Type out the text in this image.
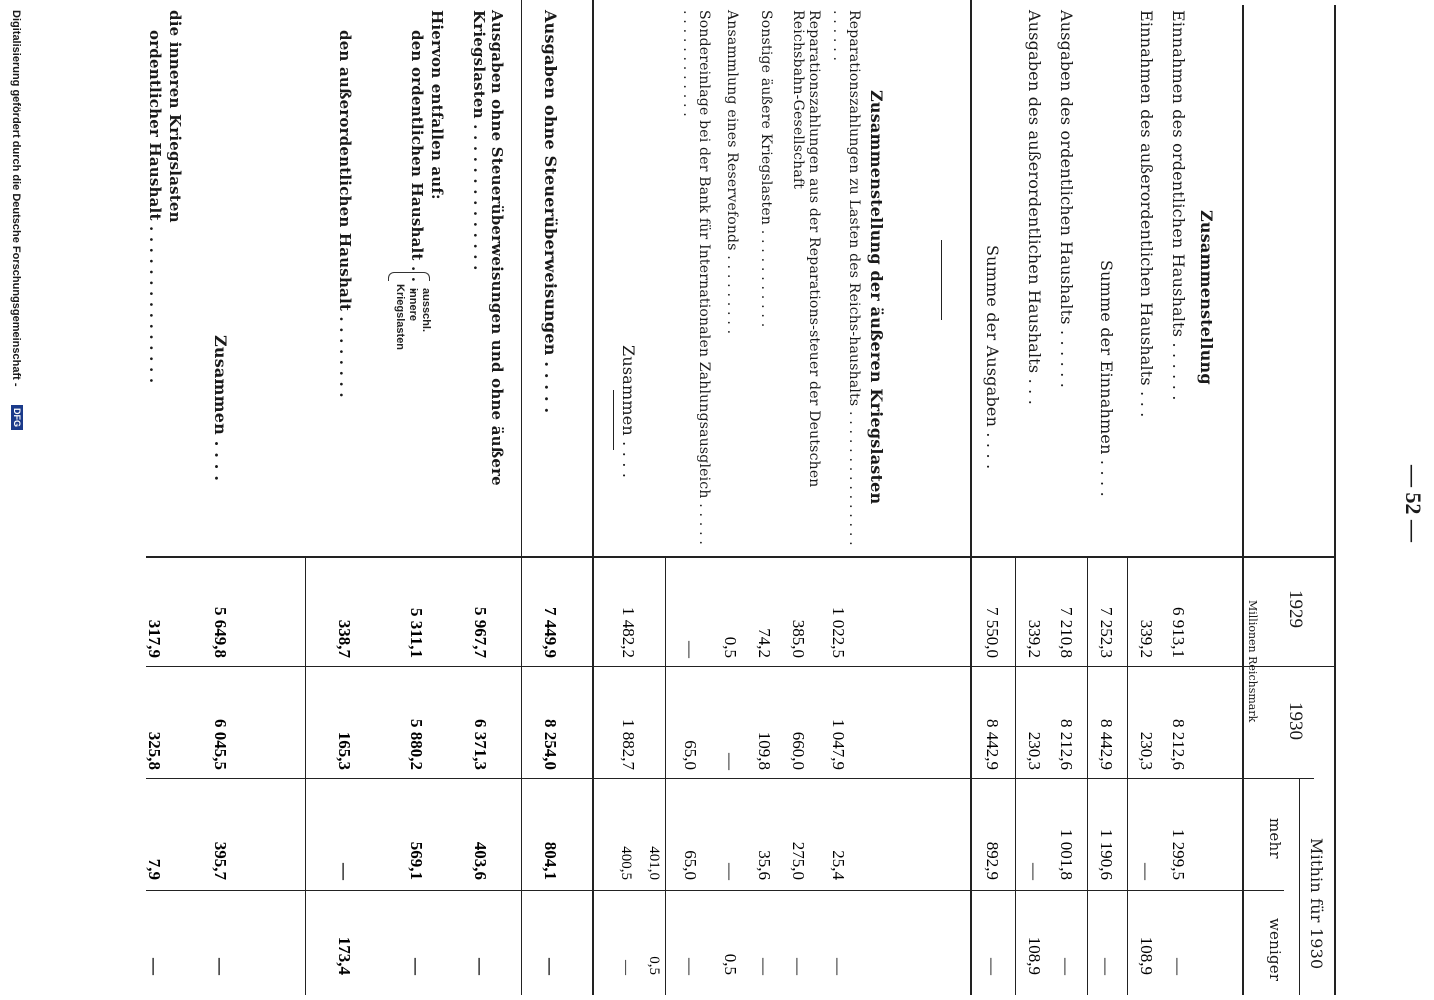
— 52 —
1929
1930
Mithin für 1930
mehr
weniger
Millionen Reichsmark
Zusammenstellung
Einnahmen des ordentlichen Haushalts . . . . . .
6 913,1
8 212,6
1 299,5
—
Einnahmen des außerordentlichen Haushalts . . .
339,2
230,3
—
108,9
Summe der Einnahmen . . . .
7 252,3
8 442,9
1 190,6
—
Ausgaben des ordentlichen Haushalts . . . . . .
7 210,8
8 212,6
1 001,8
—
Ausgaben des außerordentlichen Haushalts . . .
339,2
230,3
—
108,9
Summe der Ausgaben . . . .
7 550,0
8 442,9
892,9
—
Zusammenstellung der äußeren Kriegslasten
Reparationszahlungen zu Lasten des Reichs-haushalts . . . . . . . . . . . . . . . . . . . . .
1 022,5
1 047,9
25,4
—
Reparationszahlungen aus der Reparations-steuer der Deutschen Reichsbahn-Gesellschaft
385,0
660,0
275,0
—
Sonstige äußere Kriegslasten . . . . . . . . . . .
74,2
109,8
35,6
—
Ansammlung eines Reservefonds . . . . . . . . .
0,5
—
—
0,5
Sondereinlage bei der Bank für Internationalen Zahlungsausgleich . . . . . . . . . . . . . . . . .
—
65,0
65,0
—
401,0
0,5
Zusammen . . . .
1 482,2
1 882,7
400,5
—
Ausgaben ohne Steuerüberweisungen . . . . .
7 449,9
8 254,0
804,1
—
Ausgaben ohne Steuerüberweisungen und ohne äußere Kriegslasten . . . . . . . . . . . . . .
5 967,7
6 371,3
403,6
—
Hiervon entfallen auf:
den ordentlichen Haushalt . . .
ausschl.
innere
Kriegslasten
5 311,1
5 880,2
569,1
—
den außerordentlichen Haushalt . . . . . . . .
338,7
165,3
—
173,4
Zusammen . . . .
5 649,8
6 045,5
395,7
—
die inneren Kriegslasten
ordentlicher Haushalt . . . . . . . . . . . . . . .
317,9
325,8
7,9
—
Digitalisierung gefördert durch die Deutsche Forschungsgemeinschaft -
DFG
